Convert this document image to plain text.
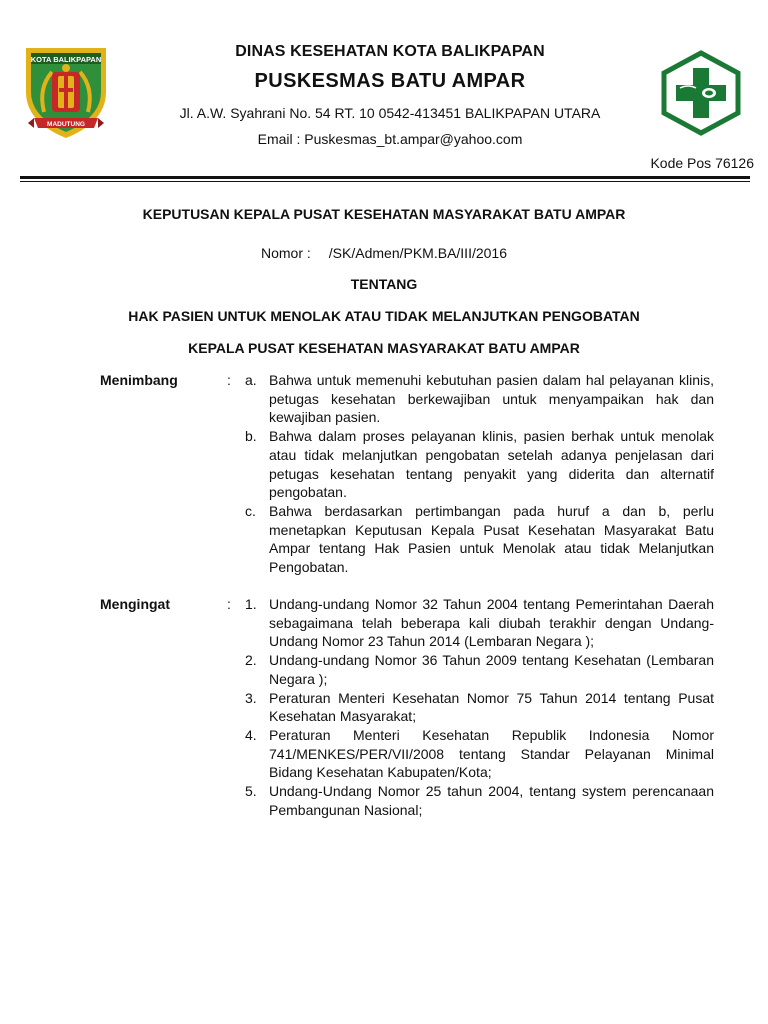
KOTA BALIKPAPAN
MADUTUNG
DINAS KESEHATAN KOTA BALIKPAPAN
PUSKESMAS BATU AMPAR
Jl. A.W. Syahrani No. 54 RT. 10 0542-413451 BALIKPAPAN UTARA
Email : Puskesmas_bt.ampar@yahoo.com
Kode Pos 76126
KEPUTUSAN KEPALA PUSAT KESEHATAN MASYARAKAT BATU AMPAR
Nomor : /SK/Admen/PKM.BA/III/2016
TENTANG
HAK PASIEN UNTUK MENOLAK ATAU TIDAK MELANJUTKAN PENGOBATAN
KEPALA PUSAT KESEHATAN MASYARAKAT BATU AMPAR
Menimbang	: a. Bahwa untuk memenuhi kebutuhan pasien dalam hal pelayanan klinis, petugas kesehatan berkewajiban untuk menyampaikan hak dan kewajiban pasien.
b. Bahwa dalam proses pelayanan klinis, pasien berhak untuk menolak atau tidak melanjutkan pengobatan setelah adanya penjelasan dari petugas kesehatan tentang penyakit yang diderita dan alternatif pengobatan.
c. Bahwa berdasarkan pertimbangan pada huruf a dan b, perlu menetapkan Keputusan Kepala Pusat Kesehatan Masyarakat Batu Ampar tentang Hak Pasien untuk Menolak atau tidak Melanjutkan Pengobatan.
Mengingat	: 1. Undang-undang Nomor 32 Tahun 2004 tentang Pemerintahan Daerah sebagaimana telah beberapa kali diubah terakhir dengan Undang-Undang Nomor 23 Tahun 2014 (Lembaran Negara );
2. Undang-undang Nomor 36 Tahun 2009 tentang Kesehatan (Lembaran Negara );
3. Peraturan Menteri Kesehatan Nomor 75 Tahun 2014 tentang Pusat Kesehatan Masyarakat;
4. Peraturan Menteri Kesehatan Republik Indonesia Nomor 741/MENKES/PER/VII/2008 tentang Standar Pelayanan Minimal Bidang Kesehatan Kabupaten/Kota;
5. Undang-Undang Nomor 25 tahun 2004, tentang system perencanaan Pembangunan Nasional;
